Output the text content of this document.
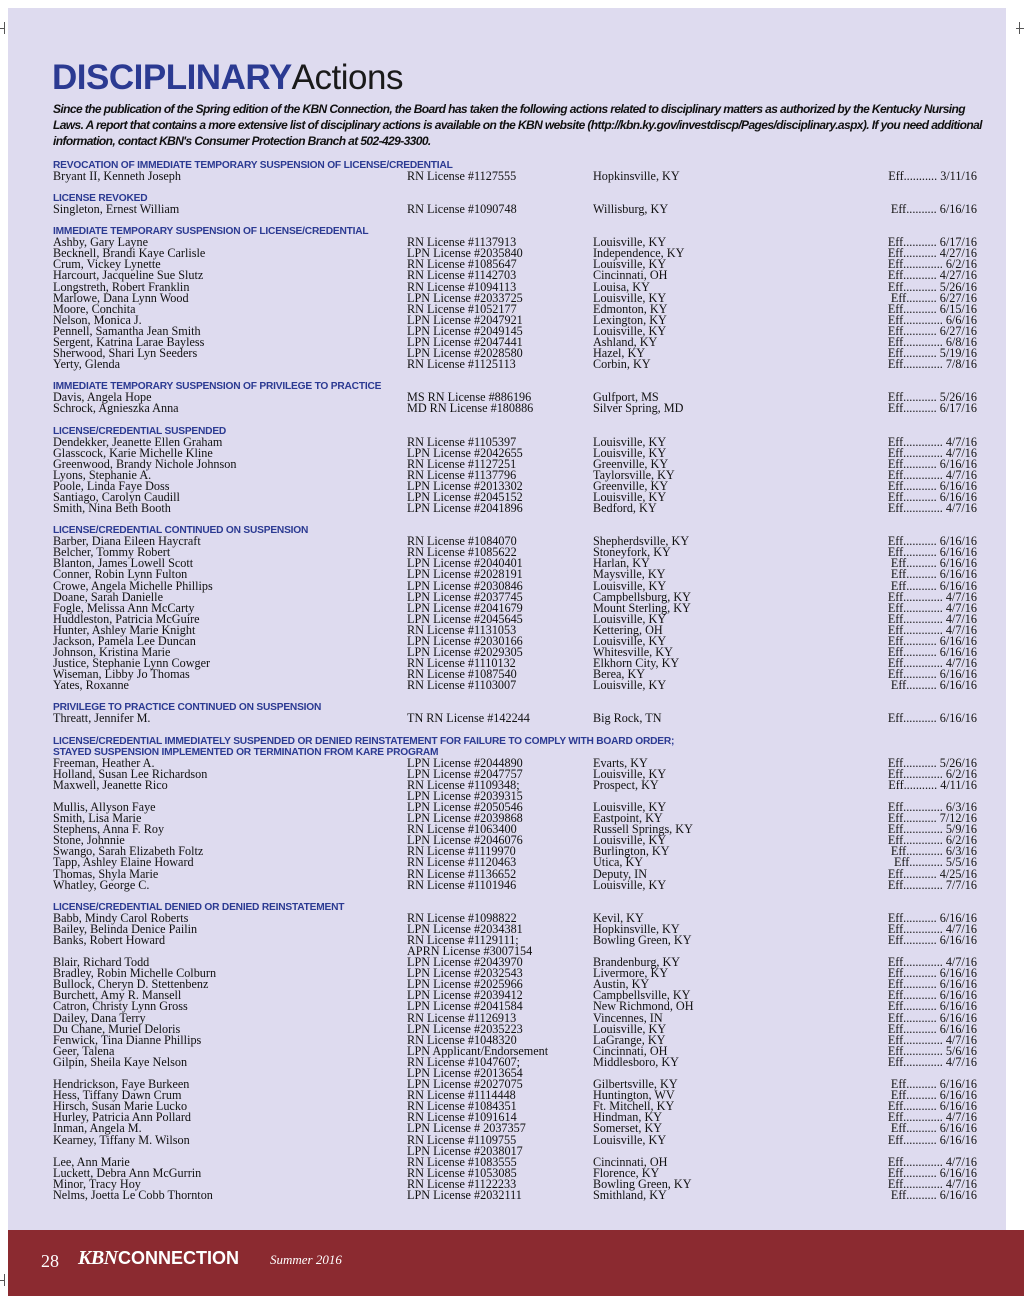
DISCIPLINARYActions

Since the publication of the Spring edition of the KBN Connection, the Board has taken the following actions related to disciplinary matters as authorized by the Kentucky Nursing Laws. A report that contains a more extensive list of disciplinary actions is available on the KBN website (http://kbn.ky.gov/investdiscp/Pages/disciplinary.aspx). If you need additional information, contact KBN's Consumer Protection Branch at 502-429-3300.

REVOCATION OF IMMEDIATE TEMPORARY SUSPENSION OF LICENSE/CREDENTIAL
Bryant II, Kenneth Joseph	RN License #1127555	Hopkinsville, KY	Eff........... 3/11/16
LICENSE REVOKED
Singleton, Ernest William	RN License #1090748	Willisburg, KY	Eff.......... 6/16/16
IMMEDIATE TEMPORARY SUSPENSION OF LICENSE/CREDENTIAL
Ashby, Gary Layne	RN License #1137913	Louisville, KY	Eff........... 6/17/16
Becknell, Brandi Kaye Carlisle	LPN License #2035840	Independence, KY	Eff........... 4/27/16
Crum, Vickey Lynette	RN License #1085647	Louisville, KY	Eff............. 6/2/16
Harcourt, Jacqueline Sue Slutz	RN License #1142703	Cincinnati, OH	Eff........... 4/27/16
Longstreth, Robert Franklin	RN License #1094113	Louisa, KY	Eff........... 5/26/16
Marlowe, Dana Lynn Wood	LPN License #2033725	Louisville, KY	Eff.......... 6/27/16
Moore, Conchita	RN License #1052177	Edmonton, KY	Eff........... 6/15/16
Nelson, Monica J.	LPN License #2047921	Lexington, KY	Eff............. 6/6/16
Pennell, Samantha Jean Smith	LPN License #2049145	Louisville, KY	Eff........... 6/27/16
Sergent, Katrina Larae Bayless	LPN License #2047441	Ashland, KY	Eff............. 6/8/16
Sherwood, Shari Lyn Seeders	LPN License #2028580	Hazel, KY	Eff........... 5/19/16
Yerty, Glenda	RN License #1125113	Corbin, KY	Eff............. 7/8/16
IMMEDIATE TEMPORARY SUSPENSION OF PRIVILEGE TO PRACTICE
Davis, Angela Hope	MS RN License #886196	Gulfport, MS	Eff........... 5/26/16
Schrock, Agnieszka Anna	MD RN License #180886	Silver Spring, MD	Eff........... 6/17/16
LICENSE/CREDENTIAL SUSPENDED
Dendekker, Jeanette Ellen Graham	RN License #1105397	Louisville, KY	Eff............. 4/7/16
Glasscock, Karie Michelle Kline	LPN License #2042655	Louisville, KY	Eff............. 4/7/16
Greenwood, Brandy Nichole Johnson	RN License #1127251	Greenville, KY	Eff........... 6/16/16
Lyons, Stephanie A.	RN License #1137796	Taylorsville, KY	Eff............. 4/7/16
Poole, Linda Faye Doss	LPN License #2013302	Greenville, KY	Eff........... 6/16/16
Santiago, Carolyn Caudill	LPN License #2045152	Louisville, KY	Eff........... 6/16/16
Smith, Nina Beth Booth	LPN License #2041896	Bedford, KY	Eff............. 4/7/16
LICENSE/CREDENTIAL CONTINUED ON SUSPENSION
Barber, Diana Eileen Haycraft	RN License #1084070	Shepherdsville, KY	Eff........... 6/16/16
Belcher, Tommy Robert	RN License #1085622	Stoneyfork, KY	Eff........... 6/16/16
Blanton, James Lowell Scott	LPN License #2040401	Harlan, KY	Eff.......... 6/16/16
Conner, Robin Lynn Fulton	LPN License #2028191	Maysville, KY	Eff.......... 6/16/16
Crowe, Angela Michelle Phillips	LPN License #2030846	Louisville, KY	Eff.......... 6/16/16
Doane, Sarah Danielle	LPN License #2037745	Campbellsburg, KY	Eff............. 4/7/16
Fogle, Melissa Ann McCarty	LPN License #2041679	Mount Sterling, KY	Eff............. 4/7/16
Huddleston, Patricia McGuire	LPN License #2045645	Louisville, KY	Eff............. 4/7/16
Hunter, Ashley Marie Knight	RN License #1131053	Kettering, OH	Eff............. 4/7/16
Jackson, Pamela Lee Duncan	LPN License #2030166	Louisville, KY	Eff........... 6/16/16
Johnson, Kristina Marie	LPN License #2029305	Whitesville, KY	Eff........... 6/16/16
Justice, Stephanie Lynn Cowger	RN License #1110132	Elkhorn City, KY	Eff............. 4/7/16
Wiseman, Libby Jo Thomas	RN License #1087540	Berea, KY	Eff........... 6/16/16
Yates, Roxanne	RN License #1103007	Louisville, KY	Eff.......... 6/16/16
PRIVILEGE TO PRACTICE CONTINUED ON SUSPENSION
Threatt, Jennifer M.	TN RN License #142244	Big Rock, TN	Eff........... 6/16/16
LICENSE/CREDENTIAL IMMEDIATELY SUSPENDED OR DENIED REINSTATEMENT FOR FAILURE TO COMPLY WITH BOARD ORDER;
STAYED SUSPENSION IMPLEMENTED OR TERMINATION FROM KARE PROGRAM
Freeman, Heather A.	LPN License #2044890	Evarts, KY	Eff........... 5/26/16
Holland, Susan Lee Richardson	LPN License #2047757	Louisville, KY	Eff............. 6/2/16
Maxwell, Jeanette Rico	RN License #1109348;	Prospect, KY	Eff........... 4/11/16
LPN License #2039315
Mullis, Allyson Faye	LPN License #2050546	Louisville, KY	Eff............. 6/3/16
Smith, Lisa Marie	LPN License #2039868	Eastpoint, KY	Eff........... 7/12/16
Stephens, Anna F. Roy	RN License #1063400	Russell Springs, KY	Eff............. 5/9/16
Stone, Johnnie	LPN License #2046076	Louisville, KY	Eff............. 6/2/16
Swango, Sarah Elizabeth Foltz	RN License #1119970	Burlington, KY	Eff............ 6/3/16
Tapp, Ashley Elaine Howard	RN License #1120463	Utica, KY	Eff........... 5/5/16
Thomas, Shyla Marie	RN License #1136652	Deputy, IN	Eff........... 4/25/16
Whatley, George C.	RN License #1101946	Louisville, KY	Eff............. 7/7/16
LICENSE/CREDENTIAL DENIED OR DENIED REINSTATEMENT
Babb, Mindy Carol Roberts	RN License #1098822	Kevil, KY	Eff........... 6/16/16
Bailey, Belinda Denice Pailin	LPN License #2034381	Hopkinsville, KY	Eff............. 4/7/16
Banks, Robert Howard	RN License #1129111;	Bowling Green, KY	Eff........... 6/16/16
APRN License #3007154
Blair, Richard Todd	LPN License #2043970	Brandenburg, KY	Eff............. 4/7/16
Bradley, Robin Michelle Colburn	LPN License #2032543	Livermore, KY	Eff........... 6/16/16
Bullock, Cheryn D. Stettenbenz	LPN License #2025966	Austin, KY	Eff........... 6/16/16
Burchett, Amy R. Mansell	LPN License #2039412	Campbellsville, KY	Eff........... 6/16/16
Catron, Christy Lynn Gross	LPN License #2041584	New Richmond, OH	Eff........... 6/16/16
Dailey, Dana Terry	RN License #1126913	Vincennes, IN	Eff........... 6/16/16
Du Chane, Muriel Deloris	LPN License #2035223	Louisville, KY	Eff........... 6/16/16
Fenwick, Tina Dianne Phillips	RN License #1048320	LaGrange, KY	Eff............. 4/7/16
Geer, Talena	LPN Applicant/Endorsement	Cincinnati, OH	Eff............. 5/6/16
Gilpin, Sheila Kaye Nelson	RN License #1047607;	Middlesboro, KY	Eff............. 4/7/16
LPN License #2013654
Hendrickson, Faye Burkeen	LPN License #2027075	Gilbertsville, KY	Eff.......... 6/16/16
Hess, Tiffany Dawn Crum	RN License #1114448	Huntington, WV	Eff.......... 6/16/16
Hirsch, Susan Marie Lucko	RN License #1084351	Ft. Mitchell, KY	Eff........... 6/16/16
Hurley, Patricia Ann Pollard	RN License #1091614	Hindman, KY	Eff............. 4/7/16
Inman, Angela M.	LPN License # 2037357	Somerset, KY	Eff.......... 6/16/16
Kearney, Tiffany M. Wilson	RN License #1109755	Louisville, KY	Eff........... 6/16/16
LPN License #2038017
Lee, Ann Marie	RN License #1083555	Cincinnati, OH	Eff............. 4/7/16
Luckett, Debra Ann McGurrin	RN License #1053085	Florence, KY	Eff........... 6/16/16
Minor, Tracy Hoy	RN License #1122233	Bowling Green, KY	Eff............. 4/7/16
Nelms, Joetta Le Cobb Thornton	LPN License #2032111	Smithland, KY	Eff.......... 6/16/16
28 KBN CONNECTION Summer 2016
